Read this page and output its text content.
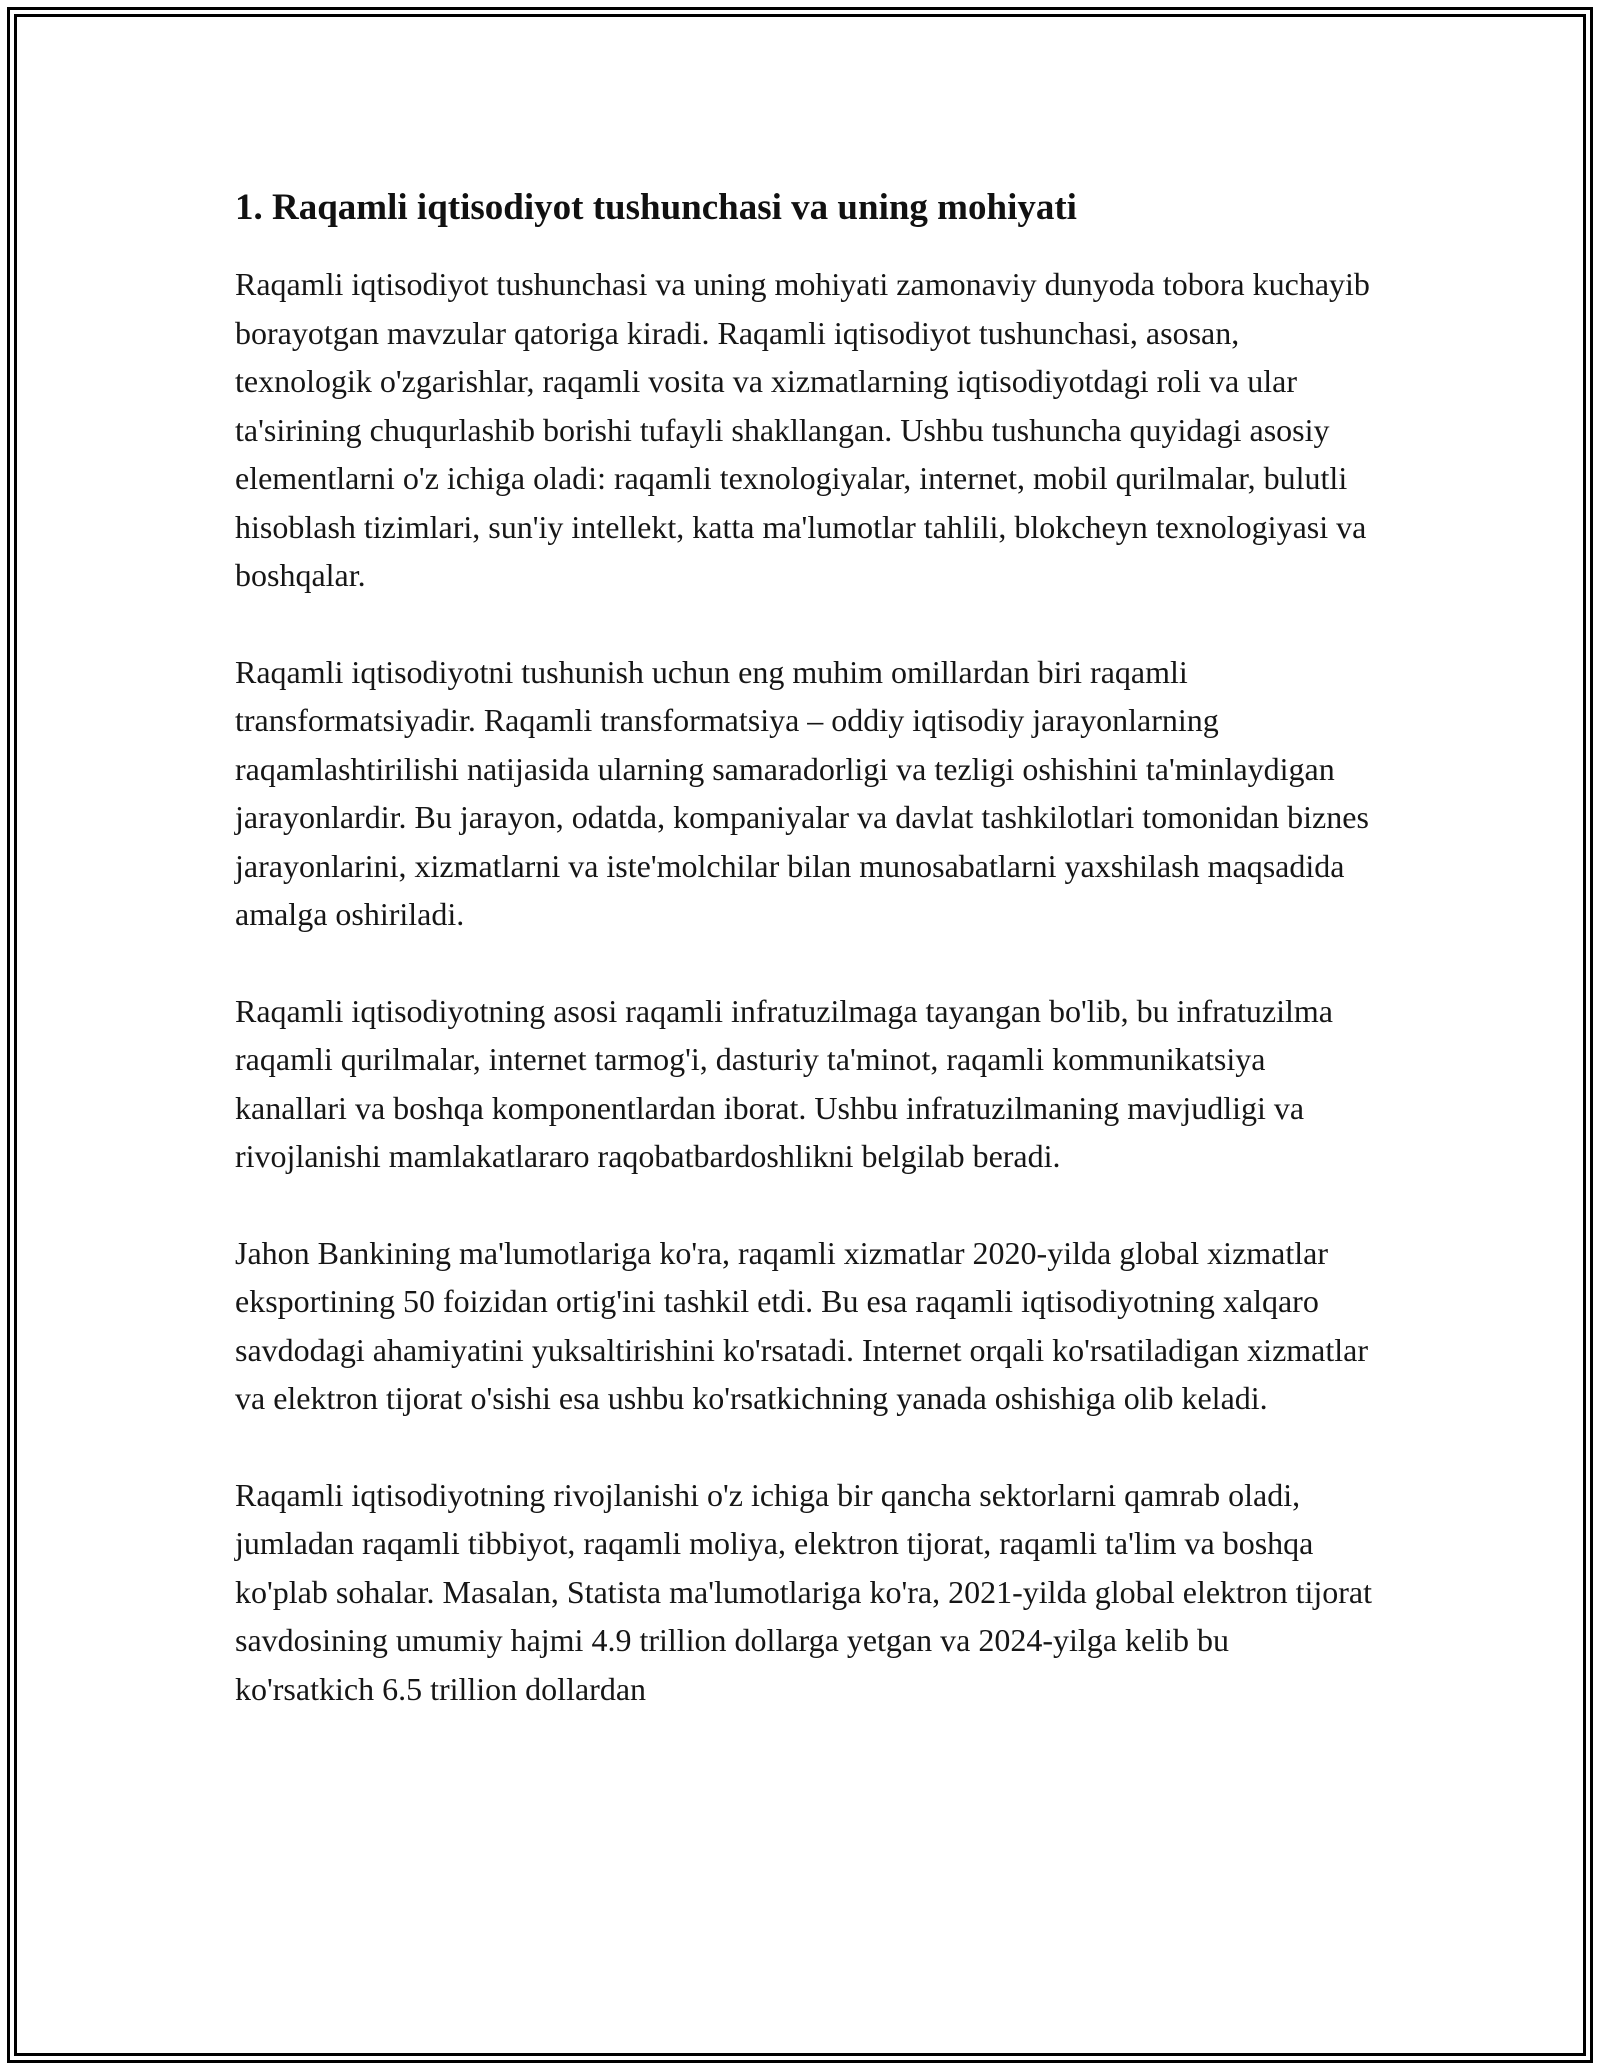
1. Raqamli iqtisodiyot tushunchasi va uning mohiyati

Raqamli iqtisodiyot tushunchasi va uning mohiyati zamonaviy dunyoda tobora kuchayib borayotgan mavzular qatoriga kiradi. Raqamli iqtisodiyot tushunchasi, asosan, texnologik o'zgarishlar, raqamli vosita va xizmatlarning iqtisodiyotdagi roli va ular ta'sirining chuqurlashib borishi tufayli shakllangan. Ushbu tushuncha quyidagi asosiy elementlarni o'z ichiga oladi: raqamli texnologiyalar, internet, mobil qurilmalar, bulutli hisoblash tizimlari, sun'iy intellekt, katta ma'lumotlar tahlili, blokcheyn texnologiyasi va boshqalar.

Raqamli iqtisodiyotni tushunish uchun eng muhim omillardan biri raqamli transformatsiyadir. Raqamli transformatsiya – oddiy iqtisodiy jarayonlarning raqamlashtirilishi natijasida ularning samaradorligi va tezligi oshishini ta'minlaydigan jarayonlardir. Bu jarayon, odatda, kompaniyalar va davlat tashkilotlari tomonidan biznes jarayonlarini, xizmatlarni va iste'molchilar bilan munosabatlarni yaxshilash maqsadida amalga oshiriladi.

Raqamli iqtisodiyotning asosi raqamli infratuzilmaga tayangan bo'lib, bu infratuzilma raqamli qurilmalar, internet tarmog'i, dasturiy ta'minot, raqamli kommunikatsiya kanallari va boshqa komponentlardan iborat. Ushbu infratuzilmaning mavjudligi va rivojlanishi mamlakatlararo raqobatbardoshlikni belgilab beradi.

Jahon Bankining ma'lumotlariga ko'ra, raqamli xizmatlar 2020-yilda global xizmatlar eksportining 50 foizidan ortig'ini tashkil etdi. Bu esa raqamli iqtisodiyotning xalqaro savdodagi ahamiyatini yuksaltirishini ko'rsatadi. Internet orqali ko'rsatiladigan xizmatlar va elektron tijorat o'sishi esa ushbu ko'rsatkichning yanada oshishiga olib keladi.

Raqamli iqtisodiyotning rivojlanishi o'z ichiga bir qancha sektorlarni qamrab oladi, jumladan raqamli tibbiyot, raqamli moliya, elektron tijorat, raqamli ta'lim va boshqa ko'plab sohalar. Masalan, Statista ma'lumotlariga ko'ra, 2021-yilda global elektron tijorat savdosining umumiy hajmi 4.9 trillion dollarga yetgan va 2024-yilga kelib bu ko'rsatkich 6.5 trillion dollardan
